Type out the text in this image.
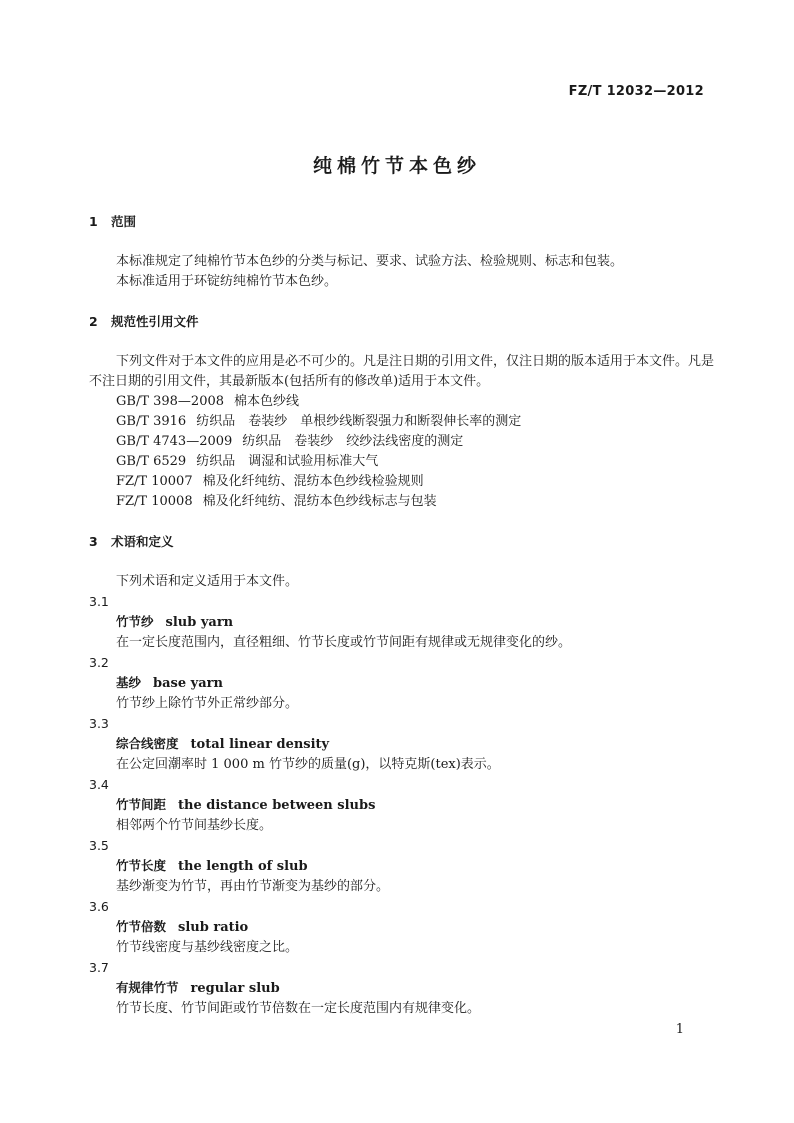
FZ/T 12032—2012
纯棉竹节本色纱
1 范围
本标准规定了纯棉竹节本色纱的分类与标记、要求、试验方法、检验规则、标志和包装。
本标准适用于环锭纺纯棉竹节本色纱。
2 规范性引用文件
下列文件对于本文件的应用是必不可少的。凡是注日期的引用文件，仅注日期的版本适用于本文件。凡是不注日期的引用文件，其最新版本(包括所有的修改单)适用于本文件。
GB/T 398—2008 棉本色纱线
GB/T 3916 纺织品　卷装纱　单根纱线断裂强力和断裂伸长率的测定
GB/T 4743—2009 纺织品　卷装纱　绞纱法线密度的测定
GB/T 6529 纺织品　调湿和试验用标准大气
FZ/T 10007 棉及化纤纯纺、混纺本色纱线检验规则
FZ/T 10008 棉及化纤纯纺、混纺本色纱线标志与包装
3 术语和定义
下列术语和定义适用于本文件。
3.1
竹节纱 slub yarn
在一定长度范围内，直径粗细、竹节长度或竹节间距有规律或无规律变化的纱。
3.2
基纱 base yarn
竹节纱上除竹节外正常纱部分。
3.3
综合线密度 total linear density
在公定回潮率时 1 000 m 竹节纱的质量(g)，以特克斯(tex)表示。
3.4
竹节间距 the distance between slubs
相邻两个竹节间基纱长度。
3.5
竹节长度 the length of slub
基纱渐变为竹节，再由竹节渐变为基纱的部分。
3.6
竹节倍数 slub ratio
竹节线密度与基纱线密度之比。
3.7
有规律竹节 regular slub
竹节长度、竹节间距或竹节倍数在一定长度范围内有规律变化。
1
